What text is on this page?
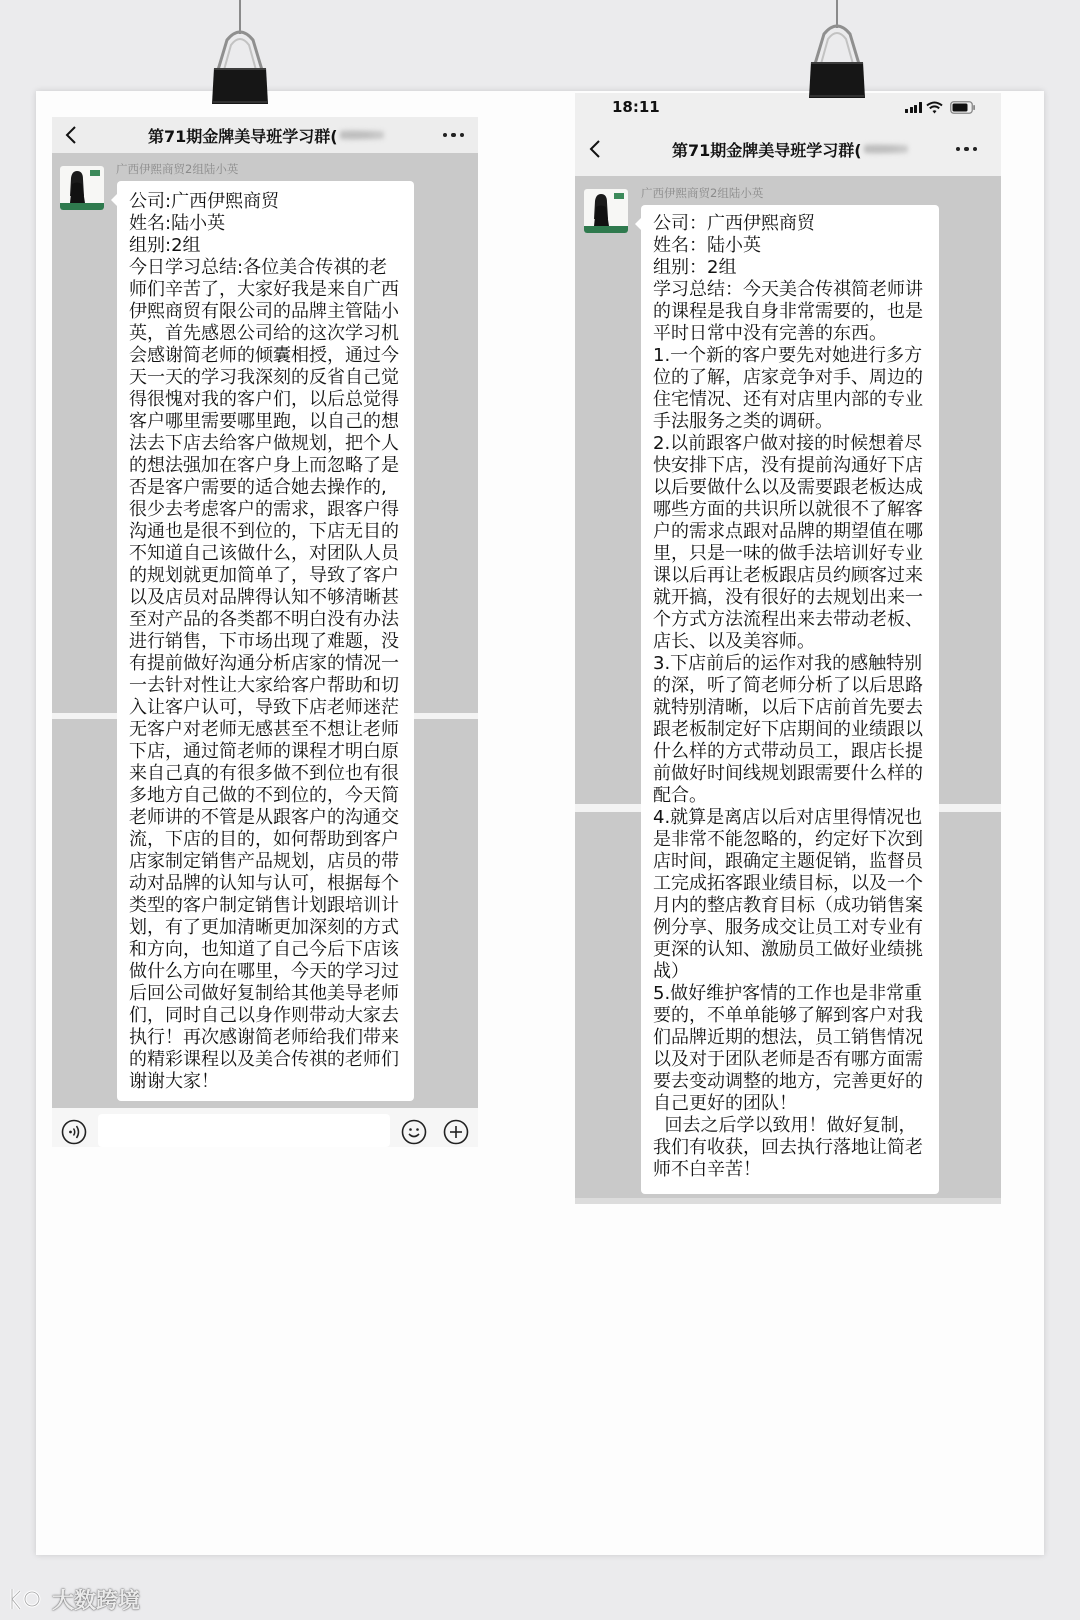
第71期金牌美导班学习群(
广西伊熙商贸2组陆小英
公司:广西伊熙商贸
姓名:陆小英
组别:2组
今日学习总结:各位美合传祺的老
师们辛苦了，大家好我是来自广西
伊熙商贸有限公司的品牌主管陆小
英，首先感恩公司给的这次学习机
会感谢简老师的倾囊相授，通过今
天一天的学习我深刻的反省自己觉
得很愧对我的客户们，以后总觉得
客户哪里需要哪里跑，以自己的想
法去下店去给客户做规划，把个人
的想法强加在客户身上而忽略了是
否是客户需要的适合她去操作的,
很少去考虑客户的需求，跟客户得
沟通也是很不到位的，下店无目的
不知道自己该做什么，对团队人员
的规划就更加简单了，导致了客户
以及店员对品牌得认知不够清晰甚
至对产品的各类都不明白没有办法
进行销售，下市场出现了难题，没
有提前做好沟通分析店家的情况一
一去针对性让大家给客户帮助和切
入让客户认可，导致下店老师迷茫
无客户对老师无感甚至不想让老师
下店，通过简老师的课程才明白原
来自己真的有很多做不到位也有很
多地方自己做的不到位的，今天简
老师讲的不管是从跟客户的沟通交
流，下店的目的，如何帮助到客户
店家制定销售产品规划，店员的带
动对品牌的认知与认可，根据每个
类型的客户制定销售计划跟培训计
划，有了更加清晰更加深刻的方式
和方向，也知道了自己今后下店该
做什么方向在哪里，今天的学习过
后回公司做好复制给其他美导老师
们，同时自己以身作则带动大家去
执行！再次感谢简老师给我们带来
的精彩课程以及美合传祺的老师们
谢谢大家！
18:11
第71期金牌美导班学习群(
广西伊熙商贸2组陆小英
公司：广西伊熙商贸
姓名：陆小英
组别：2组
学习总结：今天美合传祺简老师讲
的课程是我自身非常需要的，也是
平时日常中没有完善的东西。
1.一个新的客户要先对她进行多方
位的了解，店家竞争对手、周边的
住宅情况、还有对店里内部的专业
手法服务之类的调研。
2.以前跟客户做对接的时候想着尽
快安排下店，没有提前沟通好下店
以后要做什么以及需要跟老板达成
哪些方面的共识所以就很不了解客
户的需求点跟对品牌的期望值在哪
里，只是一味的做手法培训好专业
课以后再让老板跟店员约顾客过来
就开搞，没有很好的去规划出来一
个方式方法流程出来去带动老板、
店长、以及美容师。
3.下店前后的运作对我的感触特别
的深，听了简老师分析了以后思路
就特别清晰，以后下店前首先要去
跟老板制定好下店期间的业绩跟以
什么样的方式带动员工，跟店长提
前做好时间线规划跟需要什么样的
配合。
4.就算是离店以后对店里得情况也
是非常不能忽略的，约定好下次到
店时间，跟确定主题促销，监督员
工完成拓客跟业绩目标，以及一个
月内的整店教育目标（成功销售案
例分享、服务成交让员工对专业有
更深的认知、激励员工做好业绩挑
战）
5.做好维护客情的工作也是非常重
要的，不单单能够了解到客户对我
们品牌近期的想法，员工销售情况
以及对于团队老师是否有哪方面需
要去变动调整的地方，完善更好的
自己更好的团队！
回去之后学以致用！做好复制，
我们有收获，回去执行落地让简老
师不白辛苦！
大数跨境
